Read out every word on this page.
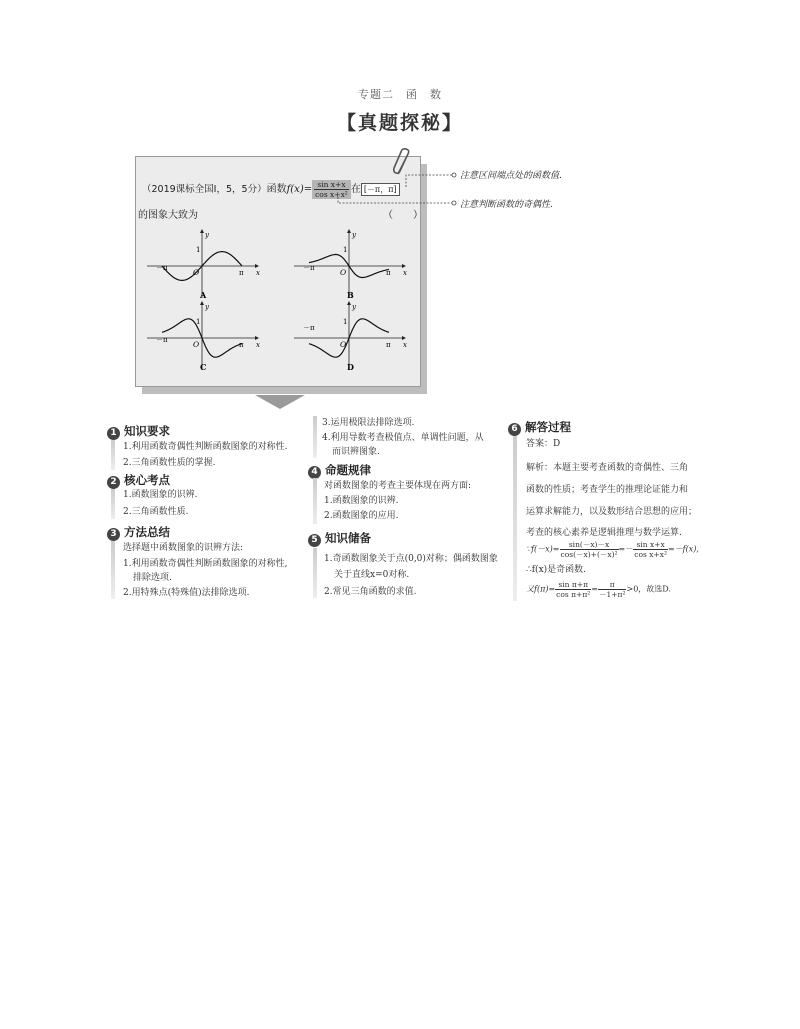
专题二　函　数
【真题探秘】
（2019课标全国Ⅰ，5，5分）函数$f(x)= \frac{\text{sin x+x}}{\text{cos x+x²}}$ 在 [－π，π]
的图象大致为	（　　）
注意区间端点处的函数值.
注意判断函数的奇偶性.
y
x
O
1
－π
π
A
y
x
O
1
－π
π
B
y
x
O
1
－π
π
C
y
x
O
1
－π
π
D
1 知识要求
1.利用函数奇偶性判断函数图象的对称性.
2.三角函数性质的掌握.
2 核心考点
1.函数图象的识辨.
2.三角函数性质.
3 方法总结
选择题中函数图象的识辨方法:
1.利用函数奇偶性判断函数图象的对称性,
排除选项.
2.用特殊点(特殊值)法排除选项.
3.运用极限法排除选项.
4.利用导数考查极值点、单调性问题，从
而识辨图象.
4 命题规律
对函数图象的考查主要体现在两方面:
1.函数图象的识辨.
2.函数图象的应用.
5 知识储备
1.奇函数图象关于点(0,0)对称；偶函数图象
关于直线x=0对称.
2.常见三角函数的求值.
6 解答过程
答案：D
解析：本题主要考查函数的奇偶性、三角
函数的性质；考查学生的推理论证能力和
运算求解能力，以及数形结合思想的应用；
考查的核心素养是逻辑推理与数学运算.
∵f(－x)= $\frac{\sin(-x)-x}{\text{cos(－x)+(－x)²}} =- \frac{\text{sin x+x}}{\text{cos x+x²}} =-f(x)$,
∴f(x)是奇函数.
又$f(\pi)= \frac{\text{sin π+π}}{\text{cos π+π²}} = \frac{\pi}{\text{－1+π²}} >0$，故选D.
